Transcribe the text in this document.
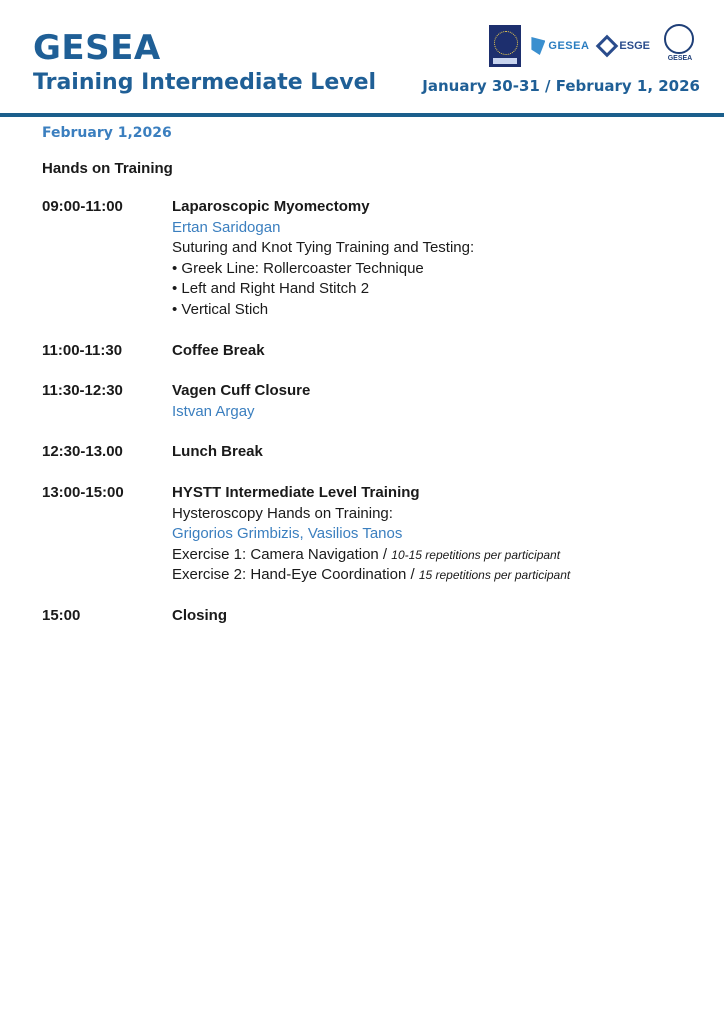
GESEA
Training Intermediate Level
GESEA	ESGE
GESEA
January 30-31 / February 1, 2026
February 1,2026
Hands on Training
09:00-11:00	Laparoscopic Myomectomy
Ertan Saridogan
Suturing and Knot Tying Training and Testing:
• Greek Line: Rollercoaster Technique
• Left and Right Hand Stitch 2
• Vertical Stich
11:00-11:30	Coffee Break
11:30-12:30	Vagen Cuff Closure
Istvan Argay
12:30-13.00	Lunch Break
13:00-15:00	HYSTT Intermediate Level Training
Hysteroscopy Hands on Training:
Grigorios Grimbizis, Vasilios Tanos
Exercise 1: Camera Navigation / 10-15 repetitions per participant
Exercise 2: Hand-Eye Coordination / 15 repetitions per participant
15:00	Closing
